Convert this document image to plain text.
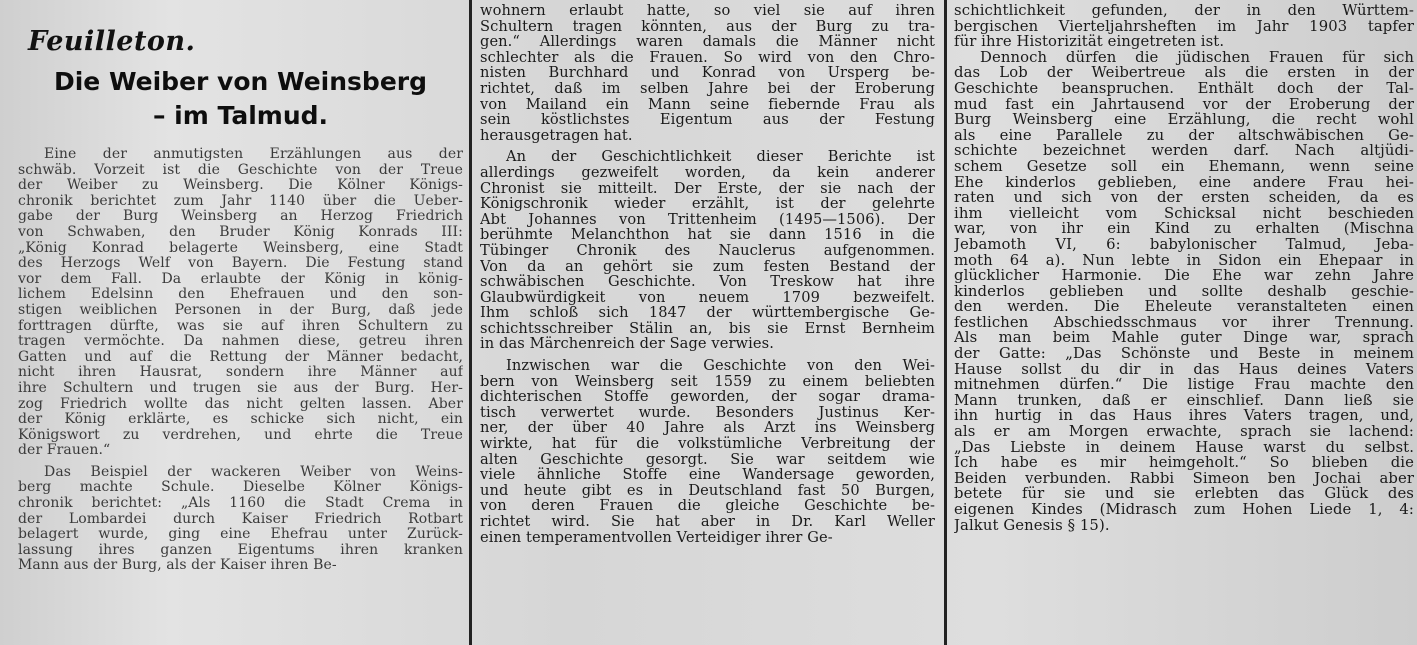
Feuilleton.
Die Weiber von Weinsberg
– im Talmud.
Eine der anmutigsten Erzählungen aus der
schwäb. Vorzeit ist die Geschichte von der Treue
der Weiber zu Weinsberg. Die Kölner Königs-
chronik berichtet zum Jahr 1140 über die Ueber-
gabe der Burg Weinsberg an Herzog Friedrich
von Schwaben, den Bruder König Konrads III:
„König Konrad belagerte Weinsberg, eine Stadt
des Herzogs Welf von Bayern. Die Festung stand
vor dem Fall. Da erlaubte der König in könig-
lichem Edelsinn den Ehefrauen und den son-
stigen weiblichen Personen in der Burg, daß jede
forttragen dürfte, was sie auf ihren Schultern zu
tragen vermöchte. Da nahmen diese, getreu ihren
Gatten und auf die Rettung der Männer bedacht,
nicht ihren Hausrat, sondern ihre Männer auf
ihre Schultern und trugen sie aus der Burg. Her-
zog Friedrich wollte das nicht gelten lassen. Aber
der König erklärte, es schicke sich nicht, ein
Königswort zu verdrehen, und ehrte die Treue
der Frauen.“
Das Beispiel der wackeren Weiber von Weins-
berg machte Schule. Dieselbe Kölner Königs-
chronik berichtet: „Als 1160 die Stadt Crema in
der Lombardei durch Kaiser Friedrich Rotbart
belagert wurde, ging eine Ehefrau unter Zurück-
lassung ihres ganzen Eigentums ihren kranken
Mann aus der Burg, als der Kaiser ihren Be-
wohnern erlaubt hatte, so viel sie auf ihren
Schultern tragen könnten, aus der Burg zu tra-
gen.“ Allerdings waren damals die Männer nicht
schlechter als die Frauen. So wird von den Chro-
nisten Burchhard und Konrad von Ursperg be-
richtet, daß im selben Jahre bei der Eroberung
von Mailand ein Mann seine fiebernde Frau als
sein köstlichstes Eigentum aus der Festung
herausgetragen hat.
An der Geschichtlichkeit dieser Berichte ist
allerdings gezweifelt worden, da kein anderer
Chronist sie mitteilt. Der Erste, der sie nach der
Königschronik wieder erzählt, ist der gelehrte
Abt Johannes von Trittenheim (1495—1506). Der
berühmte Melanchthon hat sie dann 1516 in die
Tübinger Chronik des Nauclerus aufgenommen.
Von da an gehört sie zum festen Bestand der
schwäbischen Geschichte. Von Treskow hat ihre
Glaubwürdigkeit von neuem 1709 bezweifelt.
Ihm schloß sich 1847 der württembergische Ge-
schichtsschreiber Stälin an, bis sie Ernst Bernheim
in das Märchenreich der Sage verwies.
Inzwischen war die Geschichte von den Wei-
bern von Weinsberg seit 1559 zu einem beliebten
dichterischen Stoffe geworden, der sogar drama-
tisch verwertet wurde. Besonders Justinus Ker-
ner, der über 40 Jahre als Arzt ins Weinsberg
wirkte, hat für die volkstümliche Verbreitung der
alten Geschichte gesorgt. Sie war seitdem wie
viele ähnliche Stoffe eine Wandersage geworden,
und heute gibt es in Deutschland fast 50 Burgen,
von deren Frauen die gleiche Geschichte be-
richtet wird. Sie hat aber in Dr. Karl Weller
einen temperamentvollen Verteidiger ihrer Ge-
schichtlichkeit gefunden, der in den Württem-
bergischen Vierteljahrsheften im Jahr 1903 tapfer
für ihre Historizität eingetreten ist.
Dennoch dürfen die jüdischen Frauen für sich
das Lob der Weibertreue als die ersten in der
Geschichte beanspruchen. Enthält doch der Tal-
mud fast ein Jahrtausend vor der Eroberung der
Burg Weinsberg eine Erzählung, die recht wohl
als eine Parallele zu der altschwäbischen Ge-
schichte bezeichnet werden darf. Nach altjüdi-
schem Gesetze soll ein Ehemann, wenn seine
Ehe kinderlos geblieben, eine andere Frau hei-
raten und sich von der ersten scheiden, da es
ihm vielleicht vom Schicksal nicht beschieden
war, von ihr ein Kind zu erhalten (Mischna
Jebamoth VI, 6: babylonischer Talmud, Jeba-
moth 64 a). Nun lebte in Sidon ein Ehepaar in
glücklicher Harmonie. Die Ehe war zehn Jahre
kinderlos geblieben und sollte deshalb geschie-
den werden. Die Eheleute veranstalteten einen
festlichen Abschiedsschmaus vor ihrer Trennung.
Als man beim Mahle guter Dinge war, sprach
der Gatte: „Das Schönste und Beste in meinem
Hause sollst du dir in das Haus deines Vaters
mitnehmen dürfen.“ Die listige Frau machte den
Mann trunken, daß er einschlief. Dann ließ sie
ihn hurtig in das Haus ihres Vaters tragen, und,
als er am Morgen erwachte, sprach sie lachend:
„Das Liebste in deinem Hause warst du selbst.
Ich habe es mir heimgeholt.“ So blieben die
Beiden verbunden. Rabbi Simeon ben Jochai aber
betete für sie und sie erlebten das Glück des
eigenen Kindes (Midrasch zum Hohen Liede 1, 4:
Jalkut Genesis § 15).
